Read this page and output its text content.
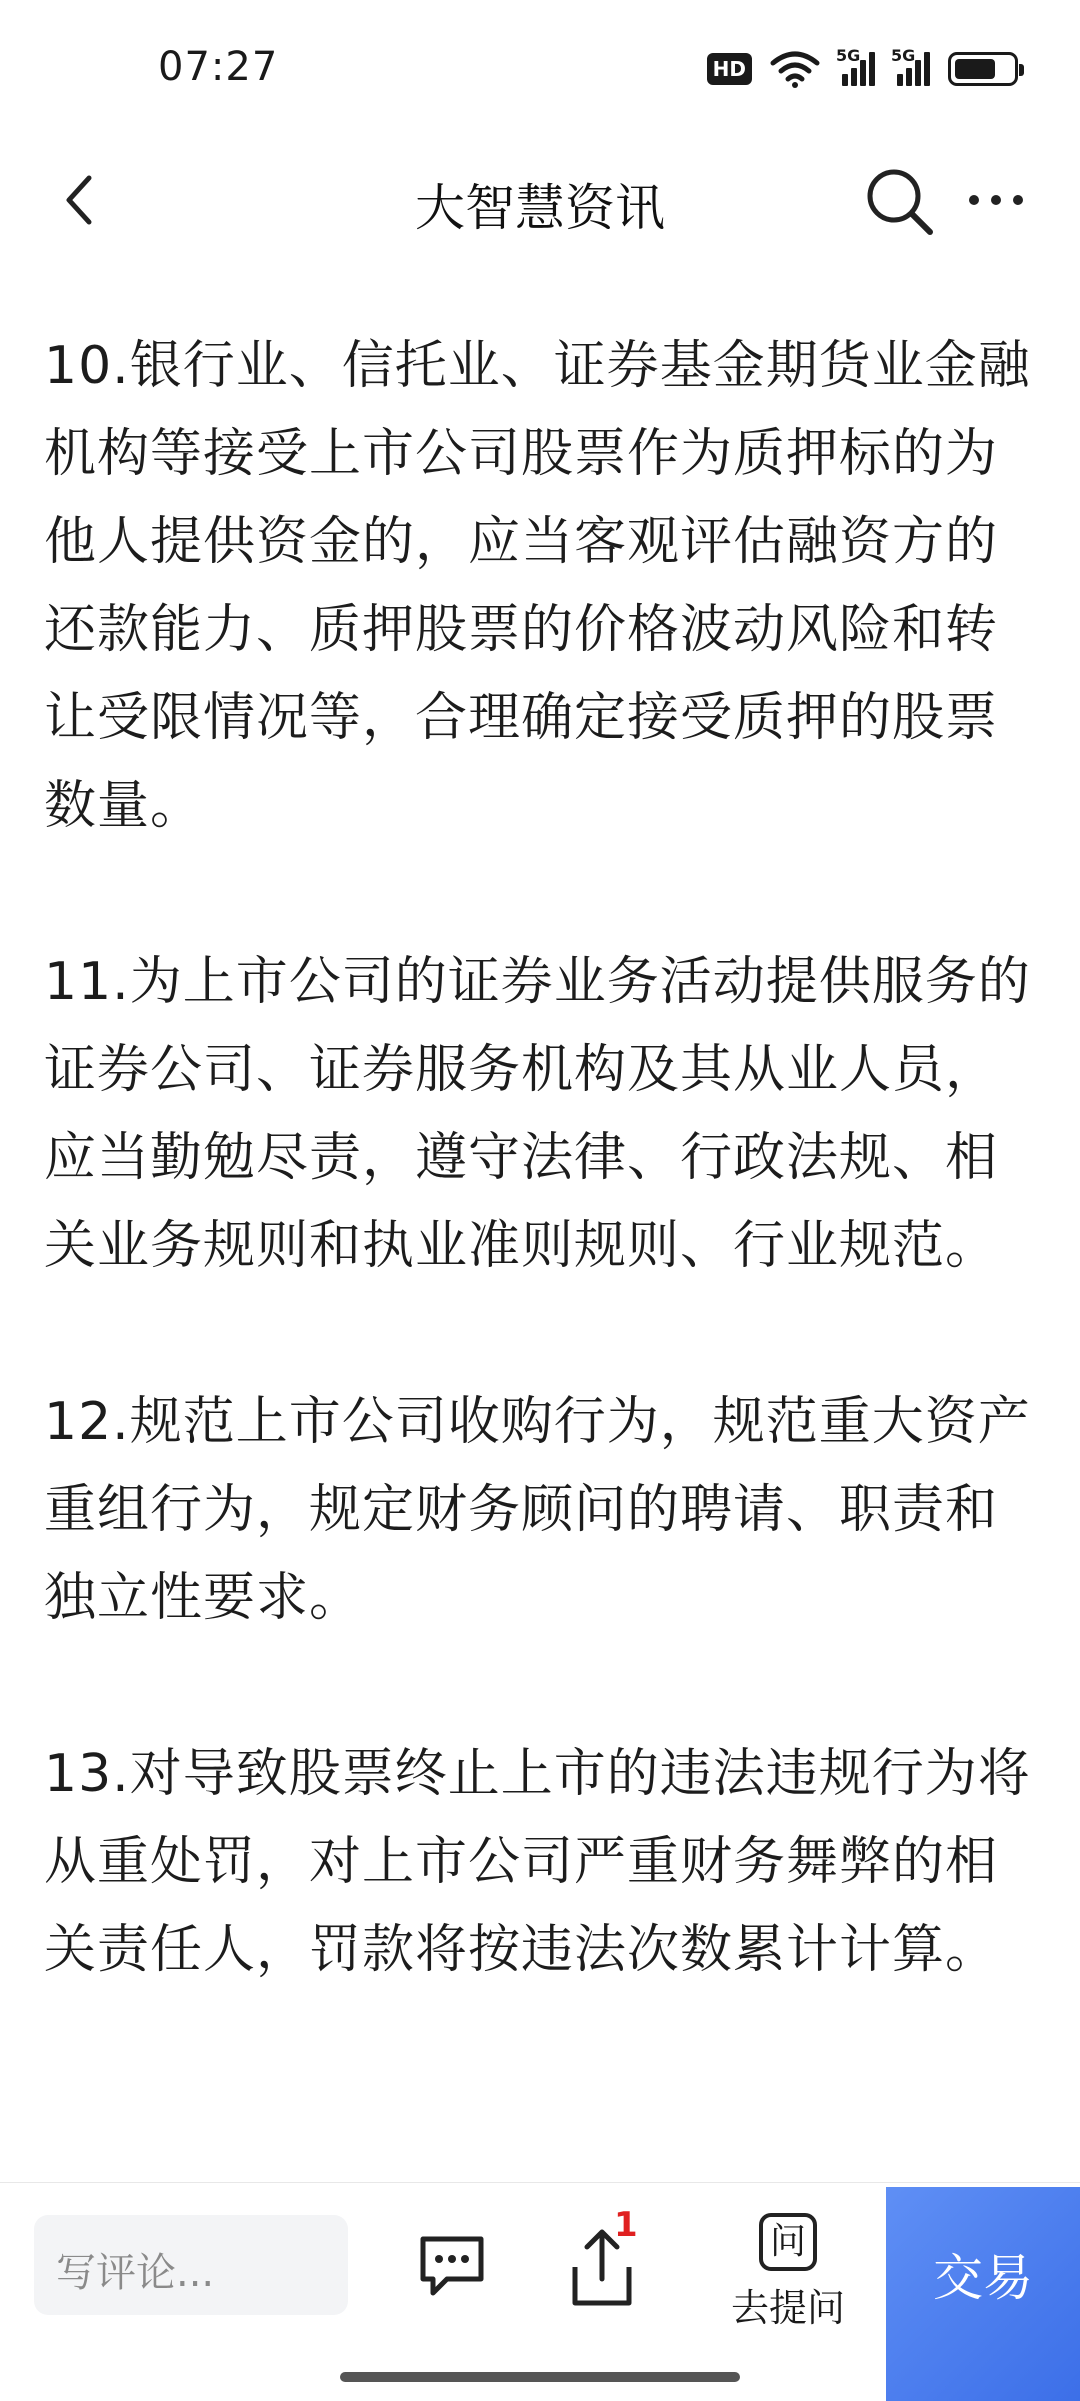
07:27	HD
5G 5G
大智慧资讯

10.银行业、信托业、证券基金期货业金融机构等接受上市公司股票作为质押标的为他人提供资金的，应当客观评估融资方的还款能力、质押股票的价格波动风险和转让受限情况等，合理确定接受质押的股票数量。

11.为上市公司的证券业务活动提供服务的证券公司、证券服务机构及其从业人员，应当勤勉尽责，遵守法律、行政法规、相关业务规则和执业准则规则、行业规范。

12.规范上市公司收购行为，规范重大资产重组行为，规定财务顾问的聘请、职责和独立性要求。

13.对导致股票终止上市的违法违规行为将从重处罚，对上市公司严重财务舞弊的相关责任人，罚款将按违法次数累计计算。

写评论...
1	问
去提问
交易
